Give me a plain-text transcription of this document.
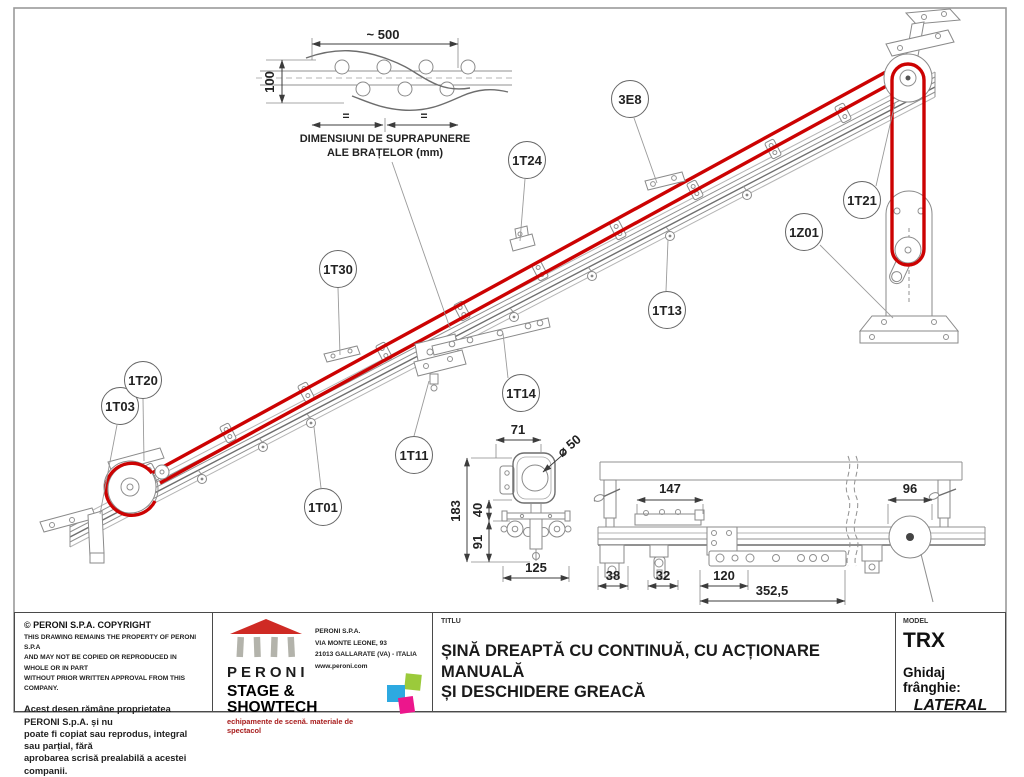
~ 500
100
=	=
DIMENSIUNI DE SUPRAPUNERE
ALE BRAȚELOR (mm)
71
⌀ 50
183 40
91
125
147	96
38	32	120
352,5
1T03
1T20
1T30
1T24
3E8
1T21
1Z01
1T13
1T14
1T11
1T01
© PERONI S.P.A. COPYRIGHT
THIS DRAWING REMAINS THE PROPERTY OF PERONI S.P.A
AND MAY NOT BE COPIED OR REPRODUCED IN WHOLE OR IN PART
WITHOUT PRIOR WRITTEN APPROVAL FROM THIS COMPANY.
Acest desen rămâne proprietatea PERONI S.p.A. și nu
poate fi copiat sau reprodus, integral sau parțial, fără
aprobarea scrisă prealabilă a acestei companii.
PERONI
PERONI S.P.A.
VIA MONTE LEONE, 93
21013 GALLARATE (VA) - ITALIA
www.peroni.com
STAGE & SHOWTECH
echipamente de scenă. materiale de spectacol
TITLU
ȘINĂ DREAPTĂ CU CONTINUĂ, CU ACȚIONARE MANUALĂ
ȘI DESCHIDERE GREACĂ
MODEL
TRX
Ghidaj frânghie:
LATERAL
